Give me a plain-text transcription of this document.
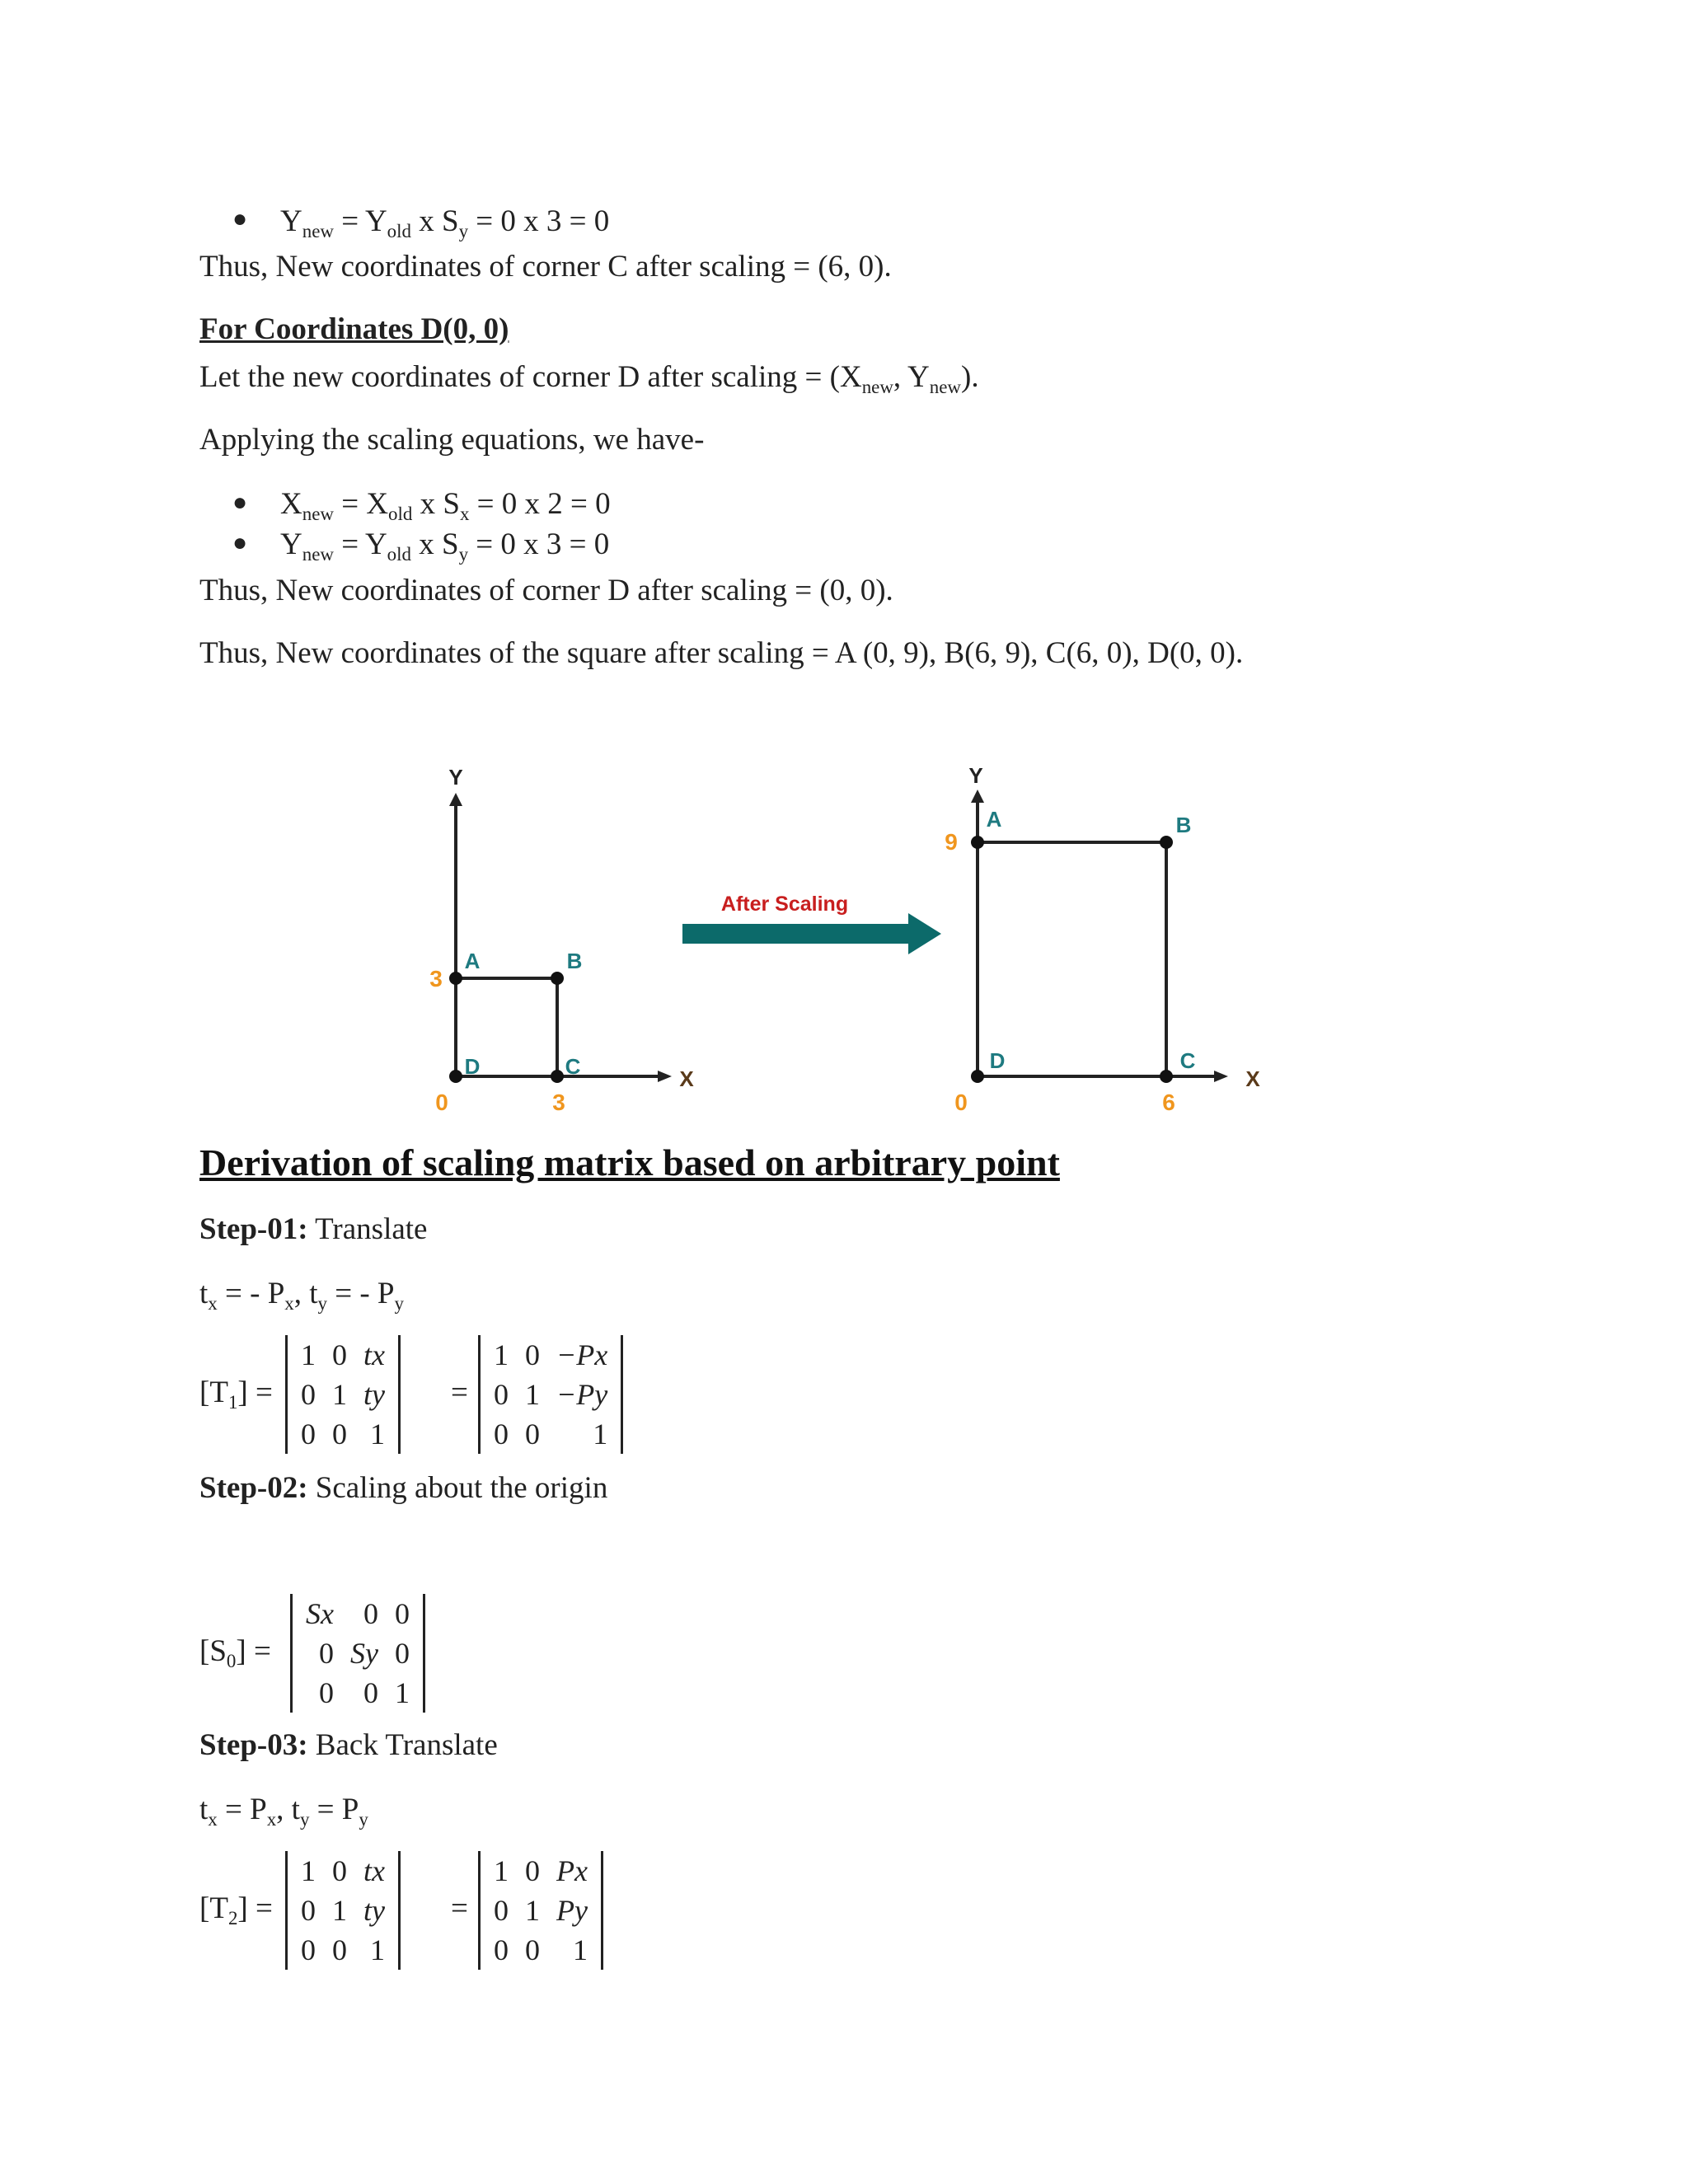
● $Y_{new} = Y_{old}$ x $S_y = 0$ x 3 = 0
Thus, New coordinates of corner C after scaling = (6, 0).
For Coordinates D(0, 0)
Let the new coordinates of corner D after scaling = ($X_{new}$, $Y_{new}$).
Applying the scaling equations, we have-
● $X_{new} = X_{old}$ x $S_x = 0$ x 2 = 0
● $Y_{new} = Y_{old}$ x $S_y = 0$ x 3 = 0
Thus, New coordinates of corner D after scaling = (0, 0).
Thus, New coordinates of the square after scaling = A (0, 9), B(6, 9), C(6, 0), D(0, 0).
Y
X
A	B
C
D
3
0	3
After Scaling
Y
X
A	B
C
D
9
0	6
Derivation of scaling matrix based on arbitrary point
Step-01: Translate
$t_x$ = - $P_x$, $t_y$ = - $P_y$
$[T_1]$ =
1 0 tx
0 1 ty
0 0 1
=
1 0 −Px
0 1 −Py
0 0	1
Step-02: Scaling about the origin
$[S_0]$ =
Sx 0 0
0 Sy 0
0 0 1
Step-03: Back Translate
$t_x = P_x$, $t_y = P_y$
$[T_2]$ =
1 0 tx
0 1 ty
0 0 1
=
1 0 Px
0 1 Py
0 0	1
